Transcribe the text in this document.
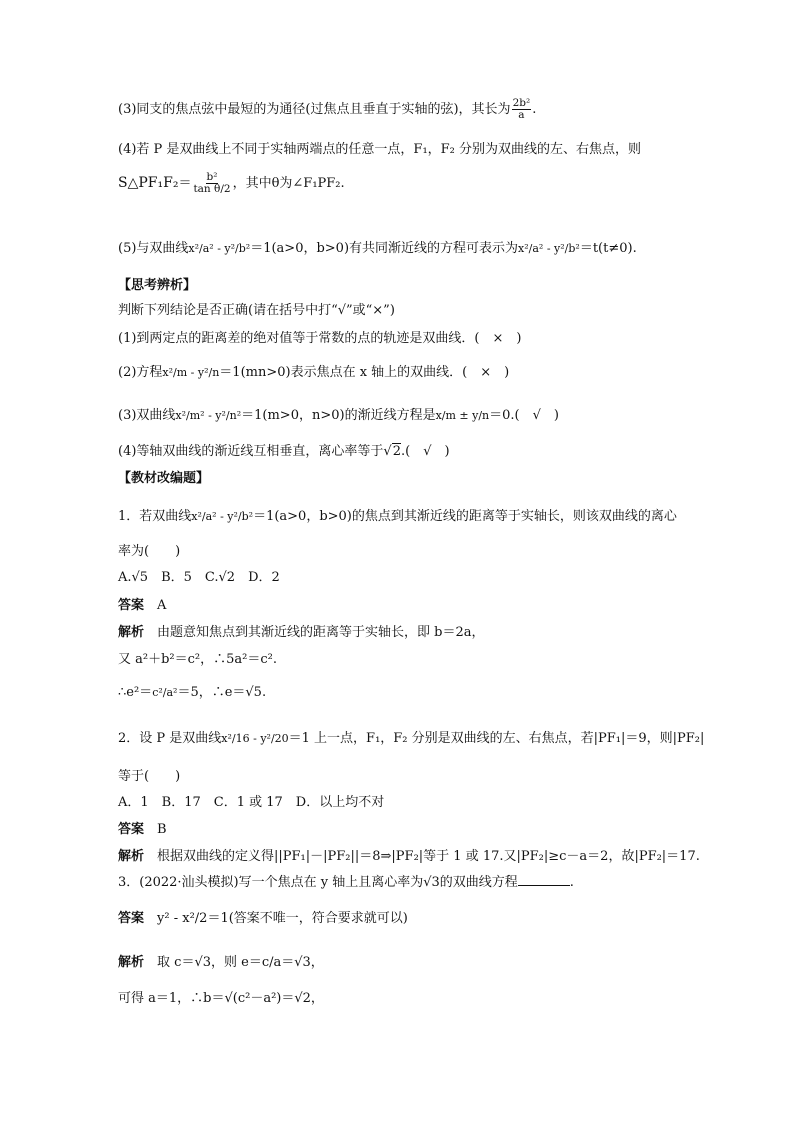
(3)同支的焦点弦中最短的为通径(过焦点且垂直于实轴的弦)，其长为 $\frac{\text{2b²}}{a}$ .
(4)若 P 是双曲线上不同于实轴两端点的任意一点，F₁，F₂ 分别为双曲线的左、右焦点，则
S△PF₁F₂＝ $\frac{\text{b²}}{\text{tan θ/2}}$ ，其中θ为∠F₁PF₂.
(5)与双曲线x²/a² - y²/b²＝1(a>0，b>0)有共同渐近线的方程可表示为x²/a² - y²/b²＝t(t≠0).
【思考辨析】
判断下列结论是否正确(请在括号中打“√”或“×”)
(1)到两定点的距离差的绝对值等于常数的点的轨迹是双曲线．(　×　)
(2)方程x²/m - y²/n＝1(mn>0)表示焦点在 x 轴上的双曲线．(　×　)
(3)双曲线x²/m² - y²/n²＝1(m>0，n>0)的渐近线方程是x/m ± y/n＝0.(　√　)
(4)等轴双曲线的渐近线互相垂直，离心率等于√2.(　√　)
【教材改编题】
1．若双曲线x²/a² - y²/b²＝1(a>0，b>0)的焦点到其渐近线的距离等于实轴长，则该双曲线的离心
率为(　　)
A.√5　B．5　C.√2　D．2
答案　 A
解析　 由题意知焦点到其渐近线的距离等于实轴长，即 b＝2a，
又 a²＋b²＝c²，∴5a²＝c².
∴e²＝c²/a²＝5，∴e＝√5.
2．设 P 是双曲线x²/16 - y²/20＝1 上一点，F₁，F₂ 分别是双曲线的左、右焦点，若|PF₁|＝9，则|PF₂|
等于(　　)
A．1　B．17　C．1 或 17　D．以上均不对
答案　 B
解析　 根据双曲线的定义得||PF₁|－|PF₂||＝8⇒|PF₂|等于 1 或 17.又|PF₂|≥c－a＝2，故|PF₂|＝17.
3．(2022·汕头模拟)写一个焦点在 y 轴上且离心率为√3的双曲线方程	.
答案　 y² - x²/2＝1(答案不唯一，符合要求就可以)
解析　 取 c＝√3，则 e＝c/a＝√3，
可得 a＝1，∴b＝√(c²－a²)＝√2，
